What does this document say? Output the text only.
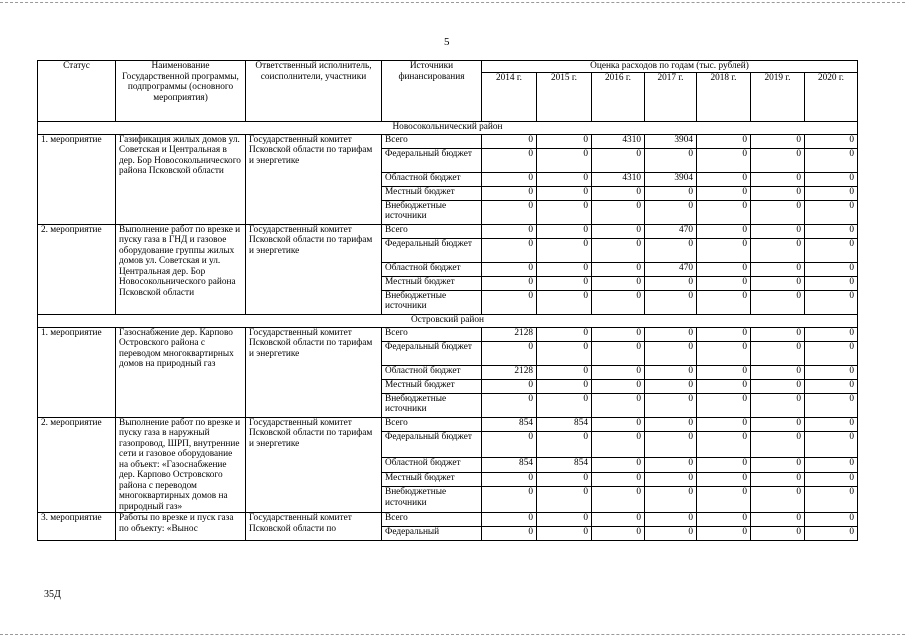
5
Статус	Наименование Государственной программы, подпрограммы (основного мероприятия)	Ответственный исполнитель, соисполнители, участники	Источники финансирования	Оценка расходов по годам (тыс. рублей)						
				2014 г.	2015 г.	2016 г.	2017 г.	2018 г.	2019 г.	2020 г.
Новосокольнический район										
1. мероприятие	Газификация жилых домов ул. Советская и Центральная в дер. Бор Новосокольнического района Псковской области	Государственный комитет Псковской области по тарифам и энергетике	Всего	0	0	4310	3904	0	0	0
			Федеральный бюджет	0	0	0	0	0	0	0
			Областной бюджет	0	0	4310	3904	0	0	0
			Местный бюджет	0	0	0	0	0	0	0
			Внебюджетные источники	0	0	0	0	0	0	0
2. мероприятие	Выполнение работ по врезке и пуску газа в ГНД и газовое оборудование группы жилых домов ул. Советская и ул. Центральная дер. Бор Новосокольнического района Псковской области	Государственный комитет Псковской области по тарифам и энергетике	Всего	0	0	0	470	0	0	0
			Федеральный бюджет	0	0	0	0	0	0	0
			Областной бюджет	0	0	0	470	0	0	0
			Местный бюджет	0	0	0	0	0	0	0
			Внебюджетные источники	0	0	0	0	0	0	0
Островский район										
1. мероприятие	Газоснабжение дер. Карпово Островского района с переводом многоквартирных домов на природный газ	Государственный комитет Псковской области по тарифам и энергетике	Всего	2128	0	0	0	0	0	0
			Федеральный бюджет	0	0	0	0	0	0	0
			Областной бюджет	2128	0	0	0	0	0	0
			Местный бюджет	0	0	0	0	0	0	0
			Внебюджетные источники	0	0	0	0	0	0	0
2. мероприятие	Выполнение работ по врезке и пуску газа в наружный газопровод, ШРП, внутренние сети и газовое оборудование на объект: «Газоснабжение дер. Карпово Островского района с переводом многоквартирных домов на природный газ»	Государственный комитет Псковской области по тарифам и энергетике	Всего	854	854	0	0	0	0	0
			Федеральный бюджет	0	0	0	0	0	0	0
			Областной бюджет	854	854	0	0	0	0	0
			Местный бюджет	0	0	0	0	0	0	0
			Внебюджетные источники	0	0	0	0	0	0	0
3. мероприятие	Работы по врезке и пуск газа по объекту: «Вынос	Государственный комитет Псковской области по	Всего	0	0	0	0	0	0	0
			Федеральный	0	0	0	0	0	0	0
35Д
